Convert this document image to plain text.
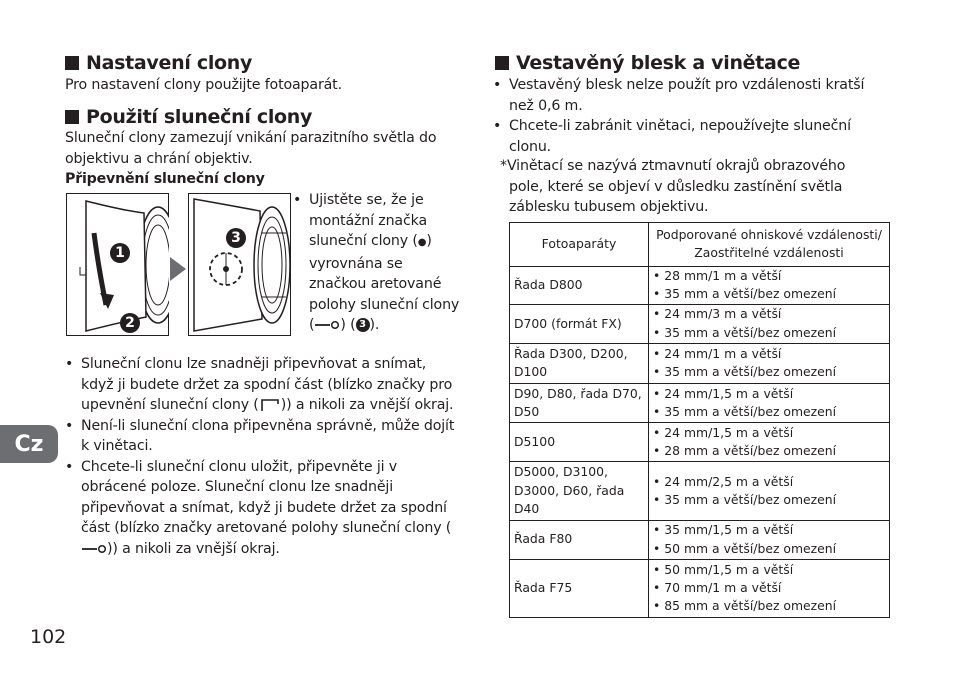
Nastavení clony
Pro nastavení clony použijte fotoaparát.
Použití sluneční clony
Sluneční clony zamezují vnikání parazitního světla do objektivu a chrání objektiv.
Připevnění sluneční clony
1
2
3
• Ujistěte se, že je montážní značka sluneční clony (●) vyrovnána se značkou aretované polohy sluneční clony ( ) ( 3 ).
• Sluneční clonu lze snadněji připevňovat a snímat, když ji budete držet za spodní část (blízko značky pro upevnění sluneční clony ( )) a nikoli za vnější okraj.
• Není-li sluneční clona připevněna správně, může dojít k vinětaci.
• Chcete-li sluneční clonu uložit, připevněte ji v obrácené poloze. Sluneční clonu lze snadněji připevňovat a snímat, když ji budete držet za spodní část (blízko značky aretované polohy sluneční clony ()) a nikoli za vnější okraj.
Vestavěný blesk a vinětace
• Vestavěný blesk nelze použít pro vzdálenosti kratší než 0,6 m.
• Chcete-li zabránit vinětaci, nepoužívejte sluneční clonu.
*Vinětací se nazývá ztmavnutí okrajů obrazového pole, které se objeví v důsledku zastínění světla záblesku tubusem objektivu.
Fotoaparáty	Podporované ohniskové vzdálenosti/ Zaostřitelné vzdálenosti
Řada D800	• 28 mm/1 m a větší
• 35 mm a větší/bez omezení

D700 (formát FX)	• 24 mm/3 m a větší
• 35 mm a větší/bez omezení

Řada D300, D200, D100	• 24 mm/1 m a větší
• 35 mm a větší/bez omezení

D90, D80, řada D70, D50	• 24 mm/1,5 m a větší
• 35 mm a větší/bez omezení

D5100	• 24 mm/1,5 m a větší
• 28 mm a větší/bez omezení

D5000, D3100, D3000, D60, řada D40	• 24 mm/2,5 m a větší
• 35 mm a větší/bez omezení

Řada F80	• 35 mm/1,5 m a větší
• 50 mm a větší/bez omezení

Řada F75	• 50 mm/1,5 m a větší
• 70 mm/1 m a větší
• 85 mm a větší/bez omezení
Cz
102
